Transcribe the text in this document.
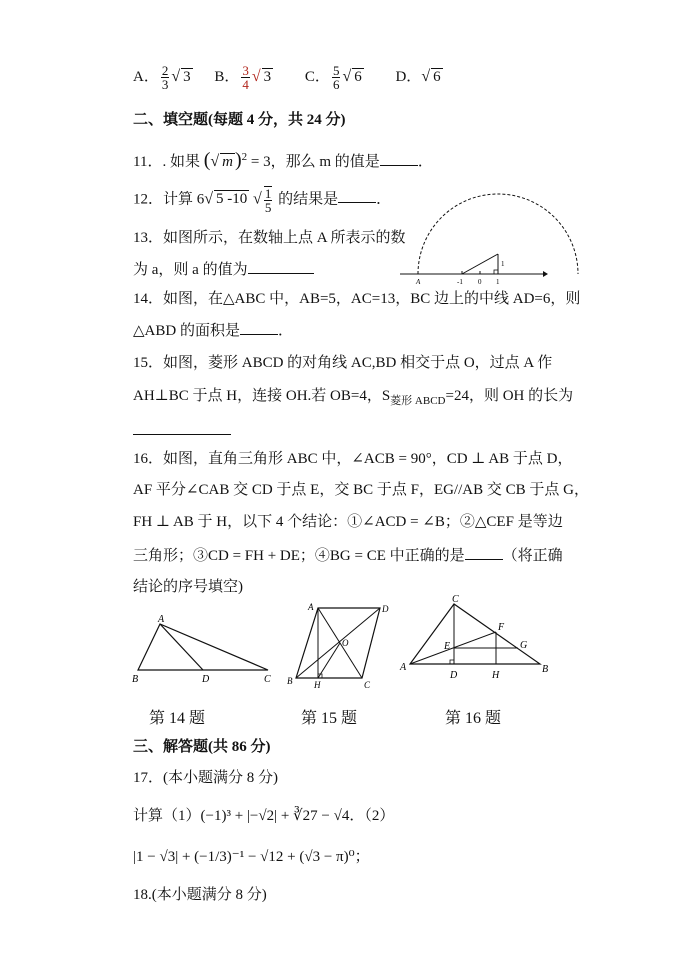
A． $\frac{2}{3}$ √ 3 B． $\frac{3}{4}$ √ 3 C． $\frac{5}{6}$ √ 6 D．√ 6
二、填空题(每题 4 分，共 24 分)
11．. 如果 (√ m )$^2$ = 3，那么 m 的值是	．
12．计算 6√ 5 -10 √ $\frac{1}{5}$ 的结果是	．
13．如图所示，在数轴上点 A 所表示的数
为 a，则 a 的值为
A	-1 0 1
1
14．如图，在△ABC 中，AB=5，AC=13，BC 边上的中线 AD=6，则
△ABD 的面积是	．
15．如图，菱形 ABCD 的对角线 AC,BD 相交于点 O，过点 A 作
AH⊥BC 于点 H，连接 OH.若 OB=4，$S_{菱形 ABCD}=24$，则 OH 的长为
16．如图，直角三角形 ABC 中，∠ACB = 90°，CD ⊥ AB 于点 D，
AF 平分∠CAB 交 CD 于点 E，交 BC 于点 F，EG//AB 交 CB 于点 G，
FH ⊥ AB 于 H，以下 4 个结论：①∠ACD = ∠B；②△CEF 是等边
三角形；③CD = FH + DE；④BG = CE 中正确的是	（将正确
结论的序号填空)
A
B	D	C
第 14 题
A	D
O
B H	C
第 15 题
C
A
E
F
G
D	H
B
第 16 题
三、解答题(共 86 分)
17．(本小题满分 8 分)
计算（1）(−1)³ + |−√2| + ∛27 − √4．（2）
|1 − √3| + (−1/3)⁻¹ − √12 + (√3 − π)⁰；
18.(本小题满分 8 分)
